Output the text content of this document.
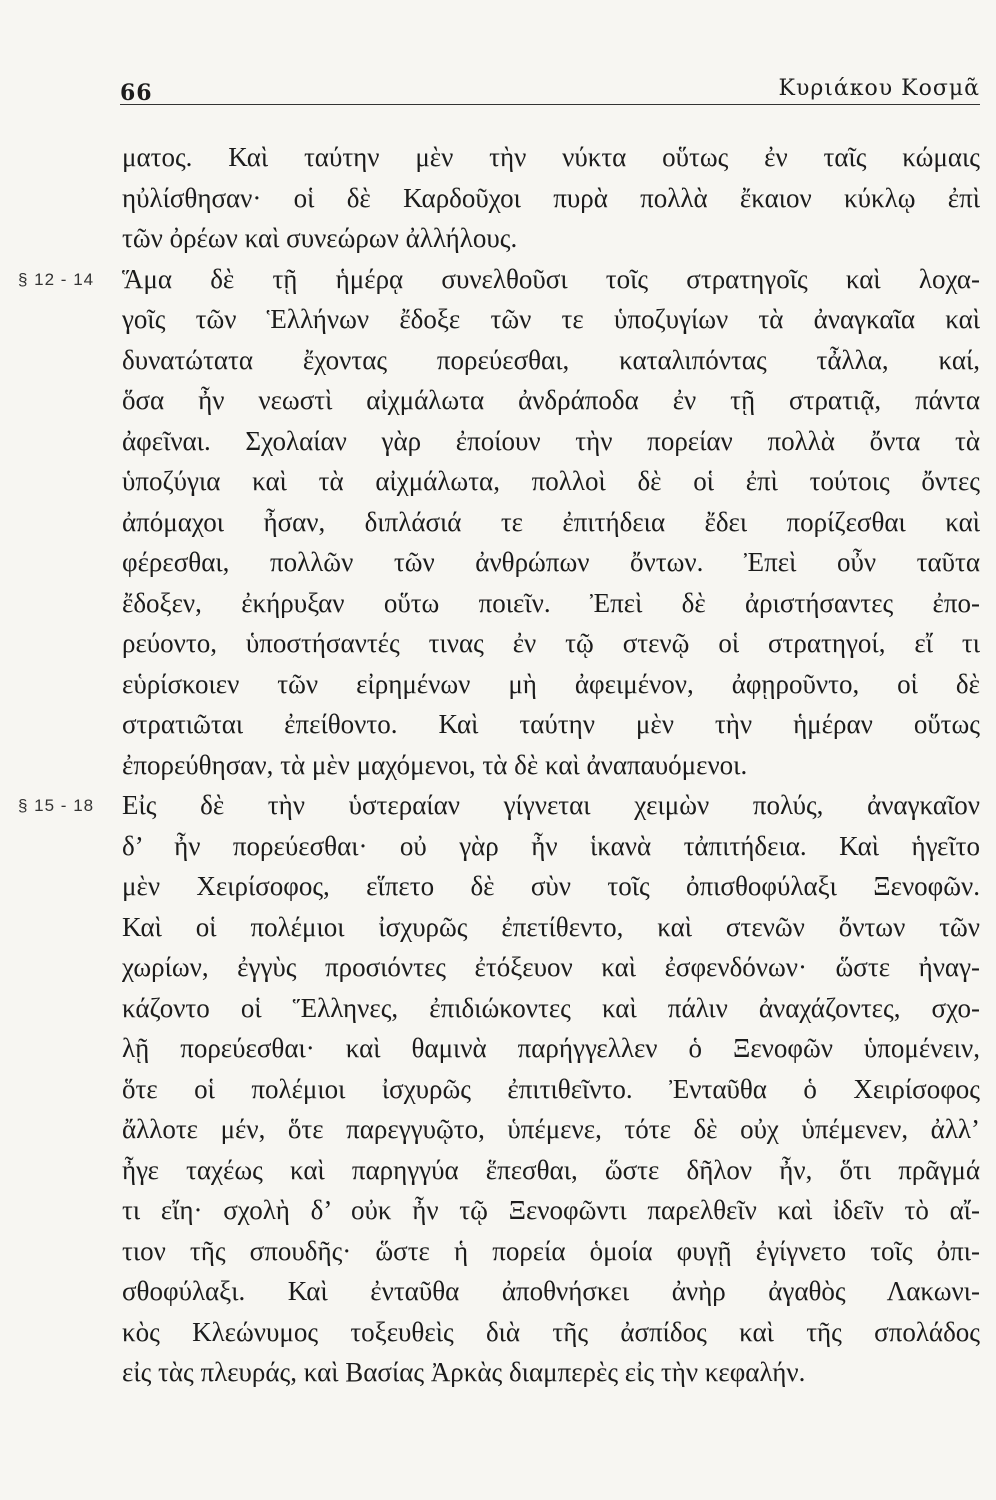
66	Κυριάκου Κοσμᾶ
ματος. Καὶ ταύτην μὲν τὴν νύκτα οὕτως ἐν ταῖς κώμαις
ηὐλίσθησαν· οἱ δὲ Καρδοῦχοι πυρὰ πολλὰ ἔκαιον κύκλῳ ἐπὶ
τῶν ὀρέων καὶ συνεώρων ἀλλήλους.
Ἅμα δὲ τῇ ἡμέρᾳ συνελθοῦσι τοῖς στρατηγοῖς καὶ λοχα-
§ 12 - 14
γοῖς τῶν Ἑλλήνων ἔδοξε τῶν τε ὑποζυγίων τὰ ἀναγκαῖα καὶ
δυνατώτατα ἔχοντας πορεύεσθαι, καταλιπόντας τἆλλα, καί,
ὅσα ἦν νεωστὶ αἰχμάλωτα ἀνδράποδα ἐν τῇ στρατιᾷ, πάντα
ἀφεῖναι. Σχολαίαν γὰρ ἐποίουν τὴν πορείαν πολλὰ ὄντα τὰ
ὑποζύγια καὶ τὰ αἰχμάλωτα, πολλοὶ δὲ οἱ ἐπὶ τούτοις ὄντες
ἀπόμαχοι ἦσαν, διπλάσιά τε ἐπιτήδεια ἔδει πορίζεσθαι καὶ
φέρεσθαι, πολλῶν τῶν ἀνθρώπων ὄντων. Ἐπεὶ οὖν ταῦτα
ἔδοξεν, ἐκήρυξαν οὕτω ποιεῖν. Ἐπεὶ δὲ ἀριστήσαντες ἐπο-
ρεύοντο, ὑποστήσαντές τινας ἐν τῷ στενῷ οἱ στρατηγοί, εἴ τι
εὑρίσκοιεν τῶν εἰρημένων μὴ ἀφειμένον, ἀφῃροῦντο, οἱ δὲ
στρατιῶται ἐπείθοντο. Καὶ ταύτην μὲν τὴν ἡμέραν οὕτως
ἐπορεύθησαν, τὰ μὲν μαχόμενοι, τὰ δὲ καὶ ἀναπαυόμενοι.
Εἰς δὲ τὴν ὑστεραίαν γίγνεται χειμὼν πολύς, ἀναγκαῖον
§ 15 - 18
δ’ ἦν πορεύεσθαι· οὐ γὰρ ἦν ἱκανὰ τἀπιτήδεια. Καὶ ἡγεῖτο
μὲν Χειρίσοφος, εἵπετο δὲ σὺν τοῖς ὀπισθοφύλαξι Ξενοφῶν.
Καὶ οἱ πολέμιοι ἰσχυρῶς ἐπετίθεντο, καὶ στενῶν ὄντων τῶν
χωρίων, ἐγγὺς προσιόντες ἐτόξευον καὶ ἐσφενδόνων· ὥστε ἠναγ-
κάζοντο οἱ Ἕλληνες, ἐπιδιώκοντες καὶ πάλιν ἀναχάζοντες, σχο-
λῇ πορεύεσθαι· καὶ θαμινὰ παρήγγελλεν ὁ Ξενοφῶν ὑπομένειν,
ὅτε οἱ πολέμιοι ἰσχυρῶς ἐπιτιθεῖντο. Ἐνταῦθα ὁ Χειρίσοφος
ἄλλοτε μέν, ὅτε παρεγγυῷτο, ὑπέμενε, τότε δὲ οὐχ ὑπέμενεν, ἀλλ’
ἦγε ταχέως καὶ παρηγγύα ἕπεσθαι, ὥστε δῆλον ἦν, ὅτι πρᾶγμά
τι εἴη· σχολὴ δ’ οὐκ ἦν τῷ Ξενοφῶντι παρελθεῖν καὶ ἰδεῖν τὸ αἴ-
τιον τῆς σπουδῆς· ὥστε ἡ πορεία ὁμοία φυγῇ ἐγίγνετο τοῖς ὀπι-
σθοφύλαξι. Καὶ ἐνταῦθα ἀποθνήσκει ἀνὴρ ἀγαθὸς Λακωνι-
κὸς Κλεώνυμος τοξευθεὶς διὰ τῆς ἀσπίδος καὶ τῆς σπολάδος
εἰς τὰς πλευράς, καὶ Βασίας Ἀρκὰς διαμπερὲς εἰς τὴν κεφαλήν.
